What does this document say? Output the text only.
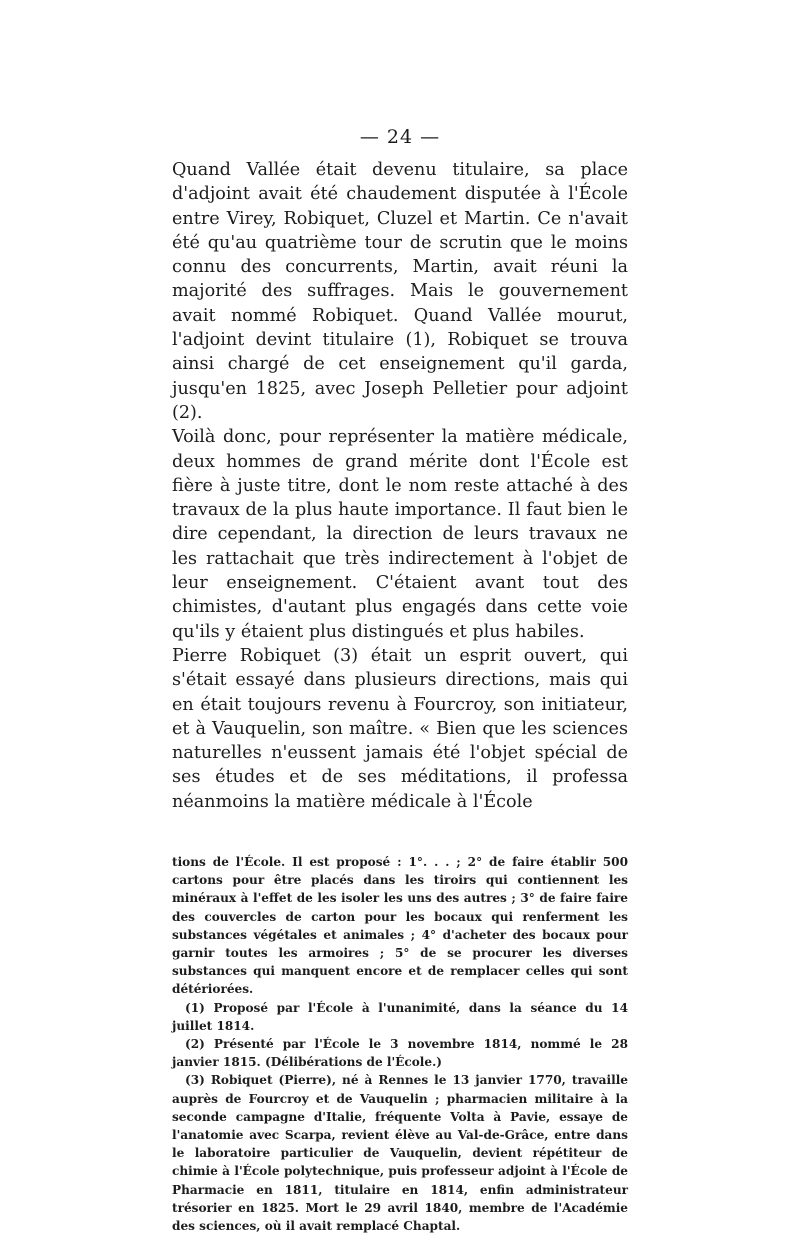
— 24 —

Quand Vallée était devenu titulaire, sa place d'adjoint avait été chaudement disputée à l'École entre Virey, Robiquet, Cluzel et Martin. Ce n'avait été qu'au quatrième tour de scrutin que le moins connu des concurrents, Martin, avait réuni la majorité des suffrages. Mais le gouvernement avait nommé Robiquet. Quand Vallée mourut, l'adjoint devint titulaire (1), Robiquet se trouva ainsi chargé de cet enseignement qu'il garda, jusqu'en 1825, avec Joseph Pelletier pour adjoint (2).

Voilà donc, pour représenter la matière médicale, deux hommes de grand mérite dont l'École est fière à juste titre, dont le nom reste attaché à des travaux de la plus haute importance. Il faut bien le dire cependant, la direction de leurs travaux ne les rattachait que très indirectement à l'objet de leur enseignement. C'étaient avant tout des chimistes, d'autant plus engagés dans cette voie qu'ils y étaient plus distingués et plus habiles.

Pierre Robiquet (3) était un esprit ouvert, qui s'était essayé dans plusieurs directions, mais qui en était toujours revenu à Fourcroy, son initiateur, et à Vauquelin, son maître. « Bien que les sciences naturelles n'eussent jamais été l'objet spécial de ses études et de ses méditations, il professa néanmoins la matière médicale à l'École

tions de l'École. Il est proposé : 1°. . . ; 2° de faire établir 500 cartons pour être placés dans les tiroirs qui contiennent les minéraux à l'effet de les isoler les uns des autres ; 3° de faire faire des couvercles de carton pour les bocaux qui renferment les substances végétales et animales ; 4° d'acheter des bocaux pour garnir toutes les armoires ; 5° de se procurer les diverses substances qui manquent encore et de remplacer celles qui sont détériorées.

(1) Proposé par l'École à l'unanimité, dans la séance du 14 juillet 1814.

(2) Présenté par l'École le 3 novembre 1814, nommé le 28 janvier 1815. (Délibérations de l'École.)

(3) Robiquet (Pierre), né à Rennes le 13 janvier 1770, travaille auprès de Fourcroy et de Vauquelin ; pharmacien militaire à la seconde campagne d'Italie, fréquente Volta à Pavie, essaye de l'anatomie avec Scarpa, revient élève au Val-de-Grâce, entre dans le laboratoire particulier de Vauquelin, devient répétiteur de chimie à l'École polytechnique, puis professeur adjoint à l'École de Pharmacie en 1811, titulaire en 1814, enfin administrateur trésorier en 1825. Mort le 29 avril 1840, membre de l'Académie des sciences, où il avait remplacé Chaptal.
